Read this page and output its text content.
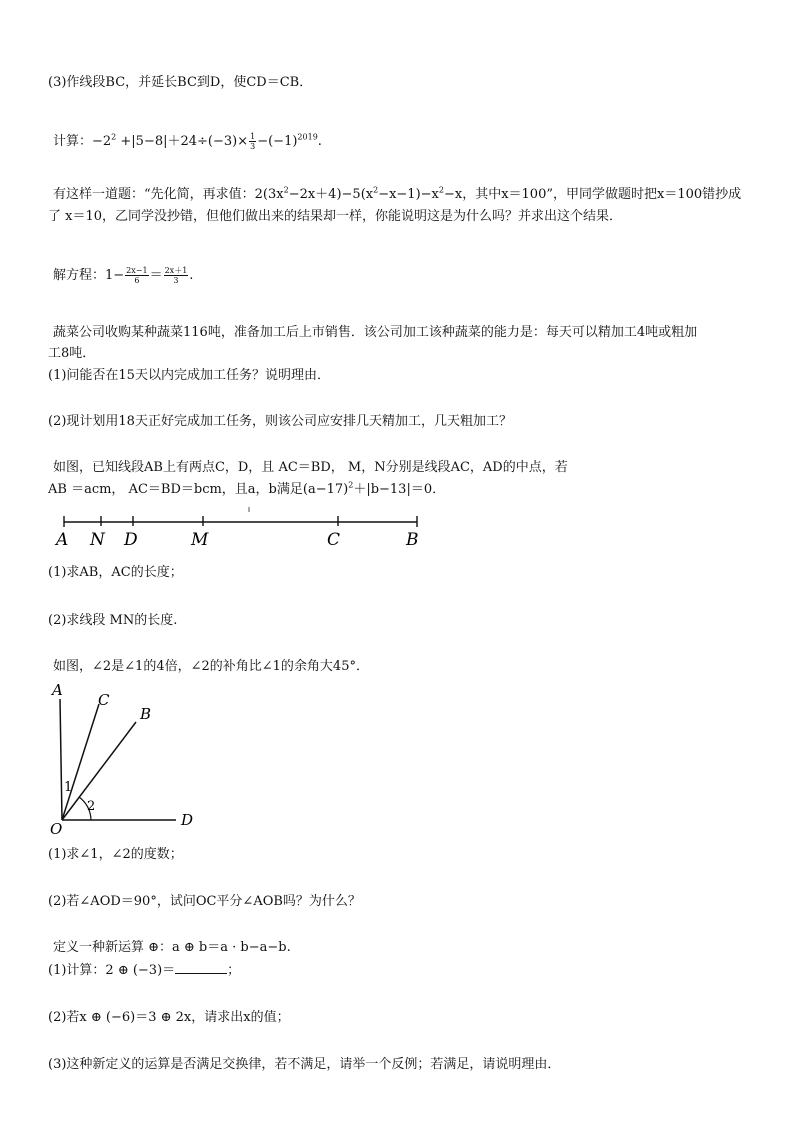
(3)作线段BC，并延长BC到D，使CD＝CB．
计算：$-2^2 +|5-8|+24\div(-3)\times \frac{1}{3} -(-1)^{2019}$.
有这样一道题：“先化简，再求值：$2(3x^2-2x+4)-5(x^2-x-1)-x^2-x$，其中x＝100”，甲同学做题时把x＝100错抄成
了 x＝10，乙同学没抄错，但他们做出来的结果却一样，你能说明这是为什么吗？并求出这个结果．
解方程：$1- \frac{2x-1}{6} = \frac{2x+1}{3}$ .
蔬菜公司收购某种蔬菜116吨，准备加工后上市销售．该公司加工该种蔬菜的能力是：每天可以精加工4吨或粗加
工8吨．
(1)问能否在15天以内完成加工任务？说明理由．
(2)现计划用18天正好完成加工任务，则该公司应安排几天精加工，几天粗加工？
如图，已知线段AB上有两点C，D，且 AC＝BD， M，N分别是线段AC，AD的中点，若
AB ＝acm， AC＝BD＝bcm，且a，b满足$(a-17)^2+|b-13|=0$．
A N D	M	C	B
(1)求AB，AC的长度；
(2)求线段 MN的长度.
如图，∠2是∠1的4倍，∠2的补角比∠1的余角大45°．
A
C
B
O	D
1
2
(1)求∠1，∠2的度数；
(2)若∠AOD＝90°，试问OC平分∠AOB吗？为什么？
定义一种新运算 ⊕：a ⊕ b＝a · b−a−b.
(1)计算：2 ⊕ (−3)＝	；
(2)若x ⊕ (−6)＝3 ⊕ 2x，请求出x的值；
(3)这种新定义的运算是否满足交换律，若不满足，请举一个反例；若满足，请说明理由．
